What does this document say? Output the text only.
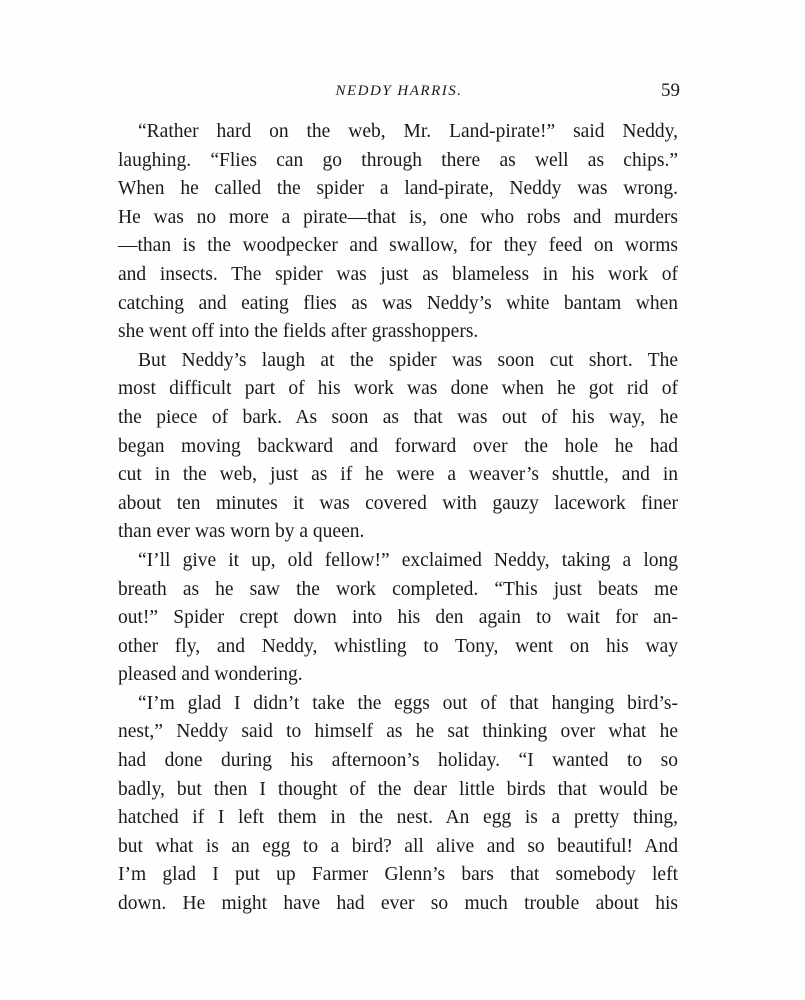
NEDDY HARRIS.	59
“Rather hard on the web, Mr. Land-pirate!” said Neddy,
laughing. “Flies can go through there as well as chips.”
When he called the spider a land-pirate, Neddy was wrong.
He was no more a pirate—that is, one who robs and murders
—than is the woodpecker and swallow, for they feed on worms
and insects. The spider was just as blameless in his work of
catching and eating flies as was Neddy’s white bantam when
she went off into the fields after grasshoppers.
But Neddy’s laugh at the spider was soon cut short. The
most difficult part of his work was done when he got rid of
the piece of bark. As soon as that was out of his way, he
began moving backward and forward over the hole he had
cut in the web, just as if he were a weaver’s shuttle, and in
about ten minutes it was covered with gauzy lacework finer
than ever was worn by a queen.
“I’ll give it up, old fellow!” exclaimed Neddy, taking a long
breath as he saw the work completed. “This just beats me
out!” Spider crept down into his den again to wait for an-
other fly, and Neddy, whistling to Tony, went on his way
pleased and wondering.
“I’m glad I didn’t take the eggs out of that hanging bird’s-
nest,” Neddy said to himself as he sat thinking over what he
had done during his afternoon’s holiday. “I wanted to so
badly, but then I thought of the dear little birds that would be
hatched if I left them in the nest. An egg is a pretty thing,
but what is an egg to a bird? all alive and so beautiful! And
I’m glad I put up Farmer Glenn’s bars that somebody left
down. He might have had ever so much trouble about his
